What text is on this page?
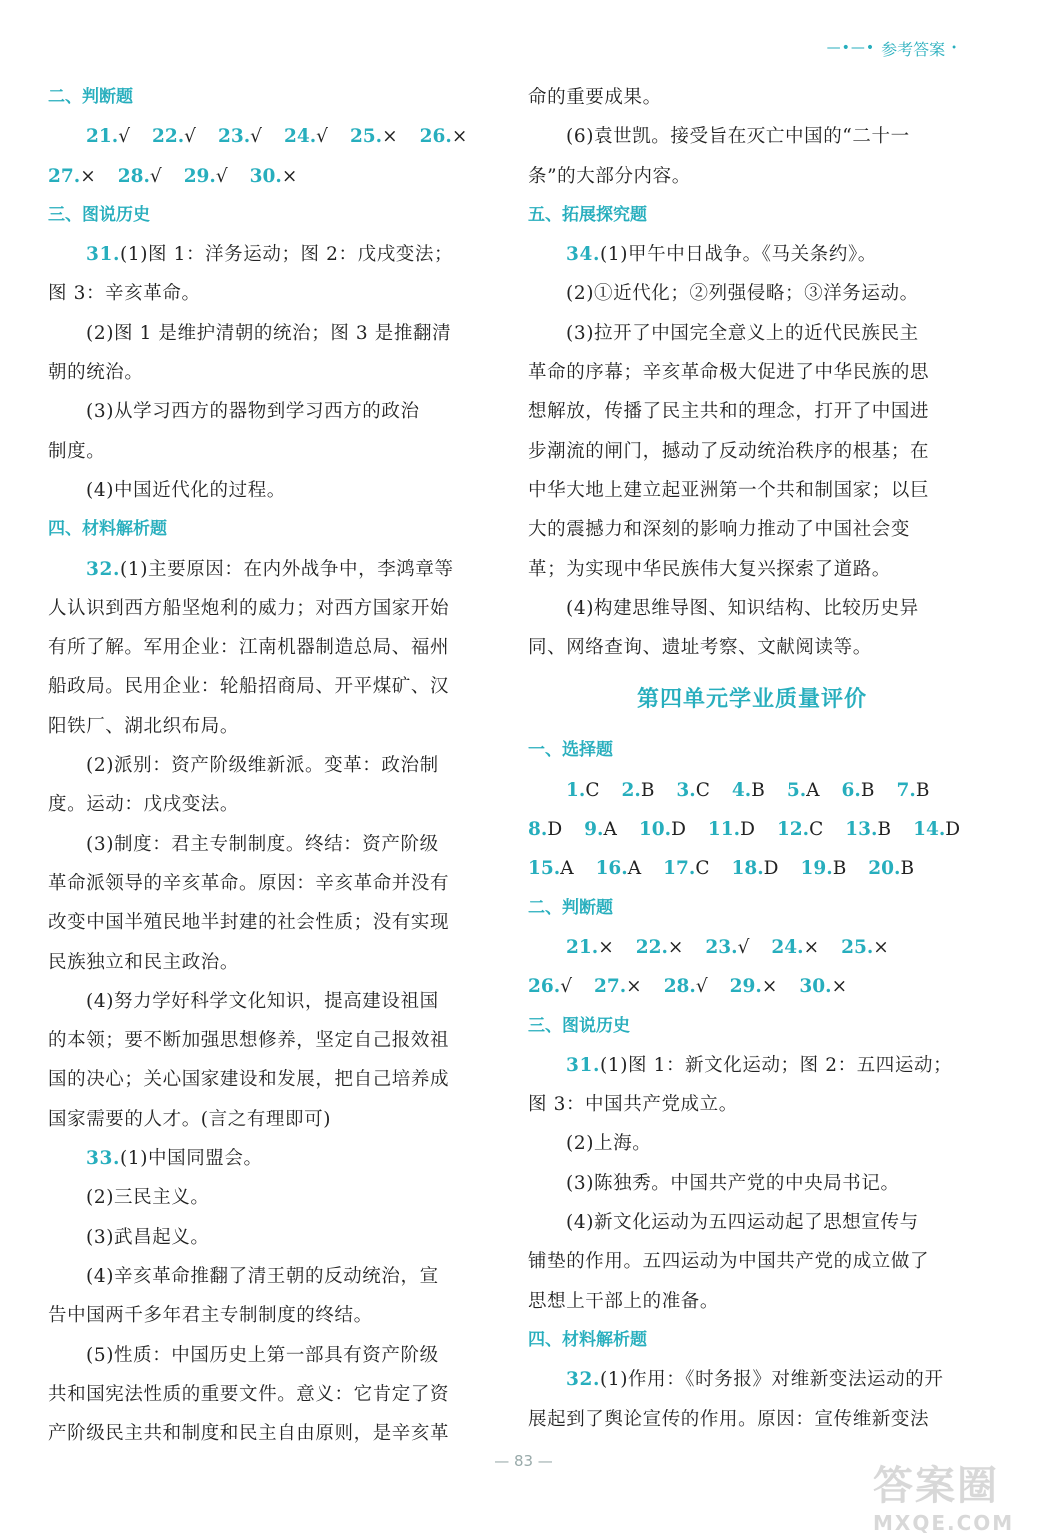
—•—• 参考答案 •
二、判断题
21.√ 22.√ 23.√ 24.√ 25.× 26.×
27.× 28.√ 29.√ 30.×
三、图说历史
31.(1)图 1：洋务运动；图 2：戊戌变法；
图 3：辛亥革命。
(2)图 1 是维护清朝的统治；图 3 是推翻清
朝的统治。
(3)从学习西方的器物到学习西方的政治
制度。
(4)中国近代化的过程。
四、材料解析题
32.(1)主要原因：在内外战争中，李鸿章等
人认识到西方船坚炮利的威力；对西方国家开始
有所了解。军用企业：江南机器制造总局、福州
船政局。民用企业：轮船招商局、开平煤矿、汉
阳铁厂、湖北织布局。
(2)派别：资产阶级维新派。变革：政治制
度。运动：戊戌变法。
(3)制度：君主专制制度。终结：资产阶级
革命派领导的辛亥革命。原因：辛亥革命并没有
改变中国半殖民地半封建的社会性质；没有实现
民族独立和民主政治。
(4)努力学好科学文化知识，提高建设祖国
的本领；要不断加强思想修养，坚定自己报效祖
国的决心；关心国家建设和发展，把自己培养成
国家需要的人才。(言之有理即可)
33.(1)中国同盟会。
(2)三民主义。
(3)武昌起义。
(4)辛亥革命推翻了清王朝的反动统治，宣
告中国两千多年君主专制制度的终结。
(5)性质：中国历史上第一部具有资产阶级
共和国宪法性质的重要文件。意义：它肯定了资
产阶级民主共和制度和民主自由原则，是辛亥革
命的重要成果。
(6)袁世凯。接受旨在灭亡中国的“二十一
条”的大部分内容。
五、拓展探究题
34.(1)甲午中日战争。《马关条约》。
(2)①近代化；②列强侵略；③洋务运动。
(3)拉开了中国完全意义上的近代民族民主
革命的序幕；辛亥革命极大促进了中华民族的思
想解放，传播了民主共和的理念，打开了中国进
步潮流的闸门，撼动了反动统治秩序的根基；在
中华大地上建立起亚洲第一个共和制国家；以巨
大的震撼力和深刻的影响力推动了中国社会变
革；为实现中华民族伟大复兴探索了道路。
(4)构建思维导图、知识结构、比较历史异
同、网络查询、遗址考察、文献阅读等。
第四单元学业质量评价
一、选择题
1.C 2.B 3.C 4.B 5.A 6.B 7.B
8.D 9.A 10.D 11.D 12.C 13.B 14.D
15.A 16.A 17.C 18.D 19.B 20.B
二、判断题
21.× 22.× 23.√ 24.× 25.×
26.√ 27.× 28.√ 29.× 30.×
三、图说历史
31.(1)图 1：新文化运动；图 2：五四运动；
图 3：中国共产党成立。
(2)上海。
(3)陈独秀。中国共产党的中央局书记。
(4)新文化运动为五四运动起了思想宣传与
铺垫的作用。五四运动为中国共产党的成立做了
思想上干部上的准备。
四、材料解析题
32.(1)作用：《时务报》对维新变法运动的开
展起到了舆论宣传的作用。原因：宣传维新变法
— 83 —
答案圈
MXQE.COM
